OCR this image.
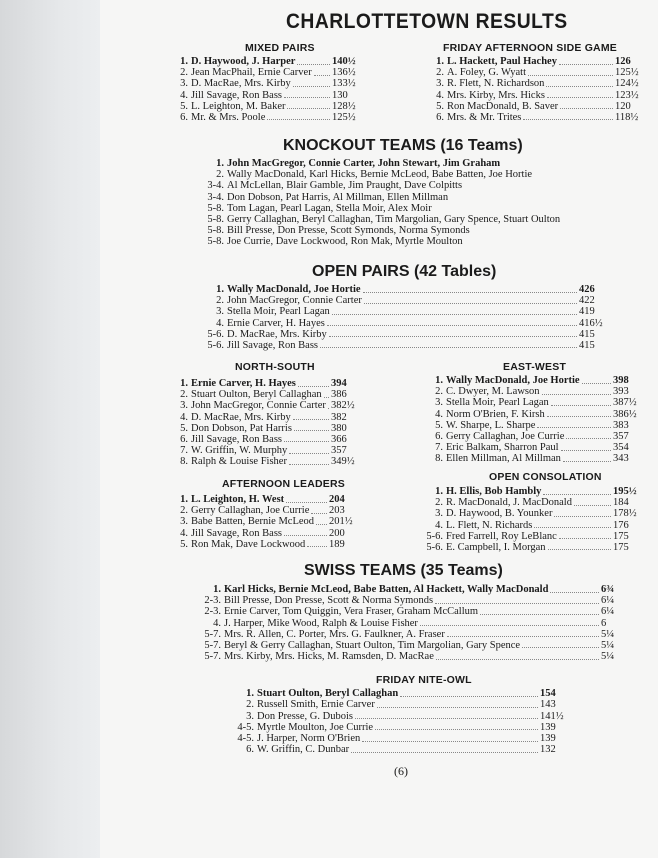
CHARLOTTETOWN RESULTS
MIXED PAIRS
1. D. Haywood, J. Harper	140½
2. Jean MacPhail, Ernie Carver 136½
3. D. MacRae, Mrs. Kirby	133½
4. Jill Savage, Ron Bass	130
5. L. Leighton, M. Baker	128½
6. Mr. & Mrs. Poole	125½
FRIDAY AFTERNOON SIDE GAME
1. L. Hackett, Paul Hachey	126
2. A. Foley, G. Wyatt	125½
3. R. Flett, N. Richardson	124½
4. Mrs. Kirby, Mrs. Hicks	123½
5. Ron MacDonald, B. Saver	120
6. Mrs. & Mr. Trites	118½
KNOCKOUT TEAMS (16 Teams)
1. John MacGregor, Connie Carter, John Stewart, Jim Graham
2. Wally MacDonald, Karl Hicks, Bernie McLeod, Babe Batten, Joe Hortie
3-4. Al McLellan, Blair Gamble, Jim Praught, Dave Colpitts
3-4. Don Dobson, Pat Harris, Al Millman, Ellen Millman
5-8. Tom Lagan, Pearl Lagan, Stella Moir, Alex Moir
5-8. Gerry Callaghan, Beryl Callaghan, Tim Margolian, Gary Spence, Stuart Oulton
5-8. Bill Presse, Don Presse, Scott Symonds, Norma Symonds
5-8. Joe Currie, Dave Lockwood, Ron Mak, Myrtle Moulton
OPEN PAIRS (42 Tables)
1. Wally MacDonald, Joe Hortie	426
2. John MacGregor, Connie Carter	422
3. Stella Moir, Pearl Lagan	419
4. Ernie Carver, H. Hayes	416½
5-6. D. MacRae, Mrs. Kirby	415
5-6. Jill Savage, Ron Bass	415
NORTH-SOUTH
1. Ernie Carver, H. Hayes	394
2. Stuart Oulton, Beryl Callaghan 386
3. John MacGregor, Connie Carter 382½
4. D. MacRae, Mrs. Kirby	382
5. Don Dobson, Pat Harris	380
6. Jill Savage, Ron Bass	366
7. W. Griffin, W. Murphy	357
8. Ralph & Louise Fisher	349½
EAST-WEST
1. Wally MacDonald, Joe Hortie	398
2. C. Dwyer, M. Lawson	393
3. Stella Moir, Pearl Lagan	387½
4. Norm O'Brien, F. Kirsh	386½
5. W. Sharpe, L. Sharpe	383
6. Gerry Callaghan, Joe Currie	357
7. Eric Balkam, Sharron Paul	354
8. Ellen Millman, Al Millman	343
AFTERNOON LEADERS
1. L. Leighton, H. West	204
2. Gerry Callaghan, Joe Currie 203
3. Babe Batten, Bernie McLeod 201½
4. Jill Savage, Ron Bass	200
5. Ron Mak, Dave Lockwood 189
OPEN CONSOLATION
1. H. Ellis, Bob Hambly	195½
2. R. MacDonald, J. MacDonald	184
3. D. Haywood, B. Younker	178½
4. L. Flett, N. Richards	176
5-6. Fred Farrell, Roy LeBlanc	175
5-6. E. Campbell, I. Morgan	175
SWISS TEAMS (35 Teams)
1. Karl Hicks, Bernie McLeod, Babe Batten, Al Hackett, Wally MacDonald	6¾
2-3. Bill Presse, Don Presse, Scott & Norma Symonds	6¼
2-3. Ernie Carver, Tom Quiggin, Vera Fraser, Graham McCallum	6¼
4. J. Harper, Mike Wood, Ralph & Louise Fisher	6
5-7. Mrs. R. Allen, C. Porter, Mrs. G. Faulkner, A. Fraser	5¼
5-7. Beryl & Gerry Callaghan, Stuart Oulton, Tim Margolian, Gary Spence	5¼
5-7. Mrs. Kirby, Mrs. Hicks, M. Ramsden, D. MacRae	5¼
FRIDAY NITE-OWL
1. Stuart Oulton, Beryl Callaghan	154
2. Russell Smith, Ernie Carver	143
3. Don Presse, G. Dubois	141½
4-5. Myrtle Moulton, Joe Currie	139
4-5. J. Harper, Norm O'Brien	139
6. W. Griffin, C. Dunbar	132
(6)
